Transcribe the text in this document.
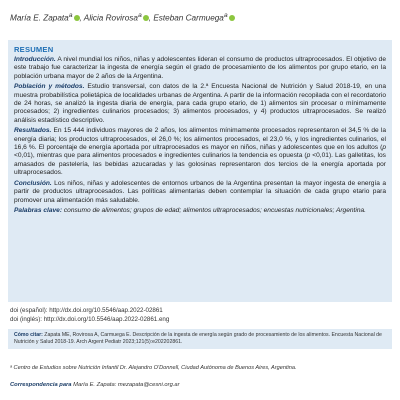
María E. Zapata$^a$ , Alicia Rovirosa$^a$ , Esteban Carmuega$^a$
RESUMEN

Introducción. A nivel mundial los niños, niñas y adolescentes lideran el consumo de productos ultraprocesados. El objetivo de este trabajo fue caracterizar la ingesta de energía según el grado de procesamiento de los alimentos por grupo etario, en la población urbana mayor de 2 años de la Argentina.

Población y métodos. Estudio transversal, con datos de la 2.ª Encuesta Nacional de Nutrición y Salud 2018-19, en una muestra probabilística polietápica de localidades urbanas de Argentina. A partir de la información recopilada con el recordatorio de 24 horas, se analizó la ingesta diaria de energía, para cada grupo etario, de 1) alimentos sin procesar o mínimamente procesados; 2) ingredientes culinarios procesados; 3) alimentos procesados, y 4) productos ultraprocesados. Se realizó análisis estadístico descriptivo.

Resultados. En 15 444 individuos mayores de 2 años, los alimentos mínimamente procesados representaron el 34,5 % de la energía diaria; los productos ultraprocesados, el 26,0 %; los alimentos procesados, el 23,0 %, y los ingredientes culinarios, el 16,6 %. El porcentaje de energía aportada por ultraprocesados es mayor en niños, niñas y adolescentes que en los adultos (p <0,01), mientras que para alimentos procesados e ingredientes culinarios la tendencia es opuesta (p <0,01). Las galletitas, los amasados de pastelería, las bebidas azucaradas y las golosinas representaron dos tercios de la energía aportada por ultraprocesados.

Conclusión. Los niños, niñas y adolescentes de entornos urbanos de la Argentina presentan la mayor ingesta de energía a partir de productos ultraprocesados. Las políticas alimentarias deben contemplar la situación de cada grupo etario para promover una alimentación más saludable.

Palabras clave: consumo de alimentos; grupos de edad; alimentos ultraprocesados; encuestas nutricionales; Argentina.

doi (español): http://dx.doi.org/10.5546/aap.2022-02861
doi (inglés): http://dx.doi.org/10.5546/aap.2022-02861.eng
Cómo citar: Zapata ME, Rovirosa A, Carmuega E. Descripción de la ingesta de energía según grado de procesamiento de los alimentos. Encuesta Nacional de Nutrición y Salud 2018-19. Arch Argent Pediatr 2023;121(5):e202202861.
ᵃ Centro de Estudios sobre Nutrición Infantil Dr. Alejandro O'Donnell, Ciudad Autónoma de Buenos Aires, Argentina.
Correspondencia para María E. Zapata: mezapata@cesni.org.ar
